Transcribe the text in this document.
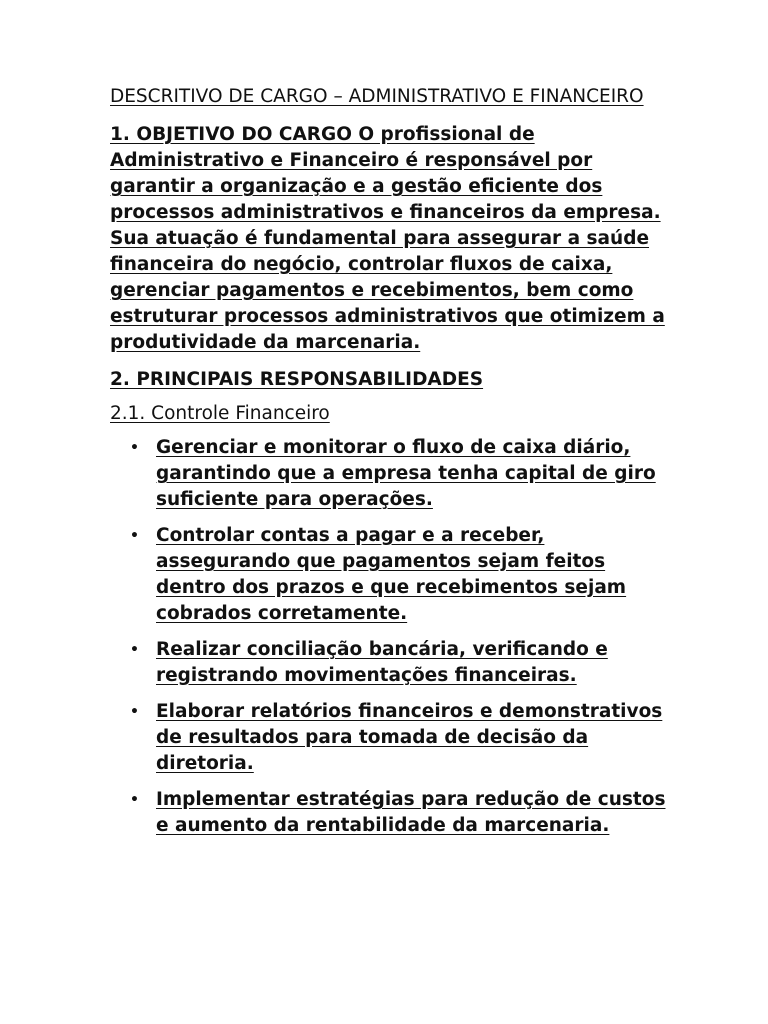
DESCRITIVO DE CARGO – ADMINISTRATIVO E FINANCEIRO

1. OBJETIVO DO CARGO O profissional de Administrativo e Financeiro é responsável por garantir a organização e a gestão eficiente dos processos administrativos e financeiros da empresa. Sua atuação é fundamental para assegurar a saúde financeira do negócio, controlar fluxos de caixa, gerenciar pagamentos e recebimentos, bem como estruturar processos administrativos que otimizem a produtividade da marcenaria.

2. PRINCIPAIS RESPONSABILIDADES

2.1. Controle Financeiro

• Gerenciar e monitorar o fluxo de caixa diário, garantindo que a empresa tenha capital de giro suficiente para operações.
• Controlar contas a pagar e a receber, assegurando que pagamentos sejam feitos dentro dos prazos e que recebimentos sejam cobrados corretamente.
• Realizar conciliação bancária, verificando e registrando movimentações financeiras.
• Elaborar relatórios financeiros e demonstrativos de resultados para tomada de decisão da diretoria.
• Implementar estratégias para redução de custos e aumento da rentabilidade da marcenaria.
